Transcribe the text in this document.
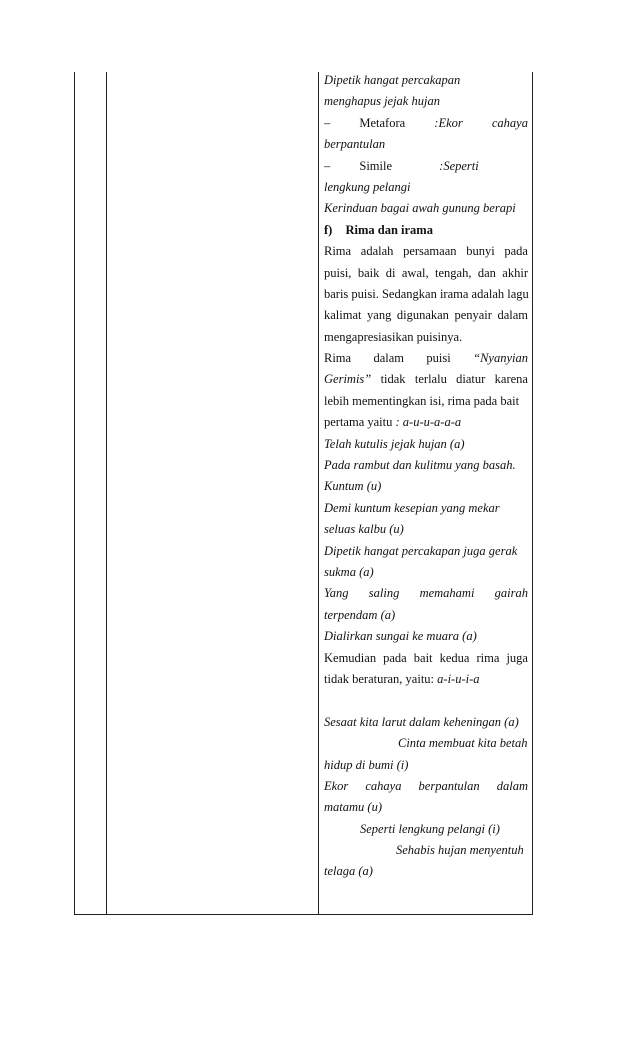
Dipetik hangat percakapan
menghapus jejak hujan
– Metafora :Ekor cahaya
berpantulan
– Simile	:Seperti
lengkung pelangi
Kerinduan bagai awah gunung berapi
f) Rima dan irama
Rima adalah persamaan bunyi pada
puisi, baik di awal, tengah, dan akhir
baris puisi. Sedangkan irama adalah lagu
kalimat yang digunakan penyair dalam
mengapresiasikan puisinya.
Rima dalam puisi “Nyanyian
Gerimis” tidak terlalu diatur karena
lebih mementingkan isi, rima pada bait
pertama yaitu : a-u-u-a-a-a
Telah kutulis jejak hujan (a)
Pada rambut dan kulitmu yang basah.
Kuntum (u)
Demi kuntum kesepian yang mekar
seluas kalbu (u)
Dipetik hangat percakapan juga gerak
sukma (a)
Yang saling memahami gairah
terpendam (a)
Dialirkan sungai ke muara (a)
Kemudian pada bait kedua rima juga
tidak beraturan, yaitu: a-i-u-i-a
Sesaat kita larut dalam keheningan (a)
Cinta membuat kita betah
hidup di bumi (i)
Ekor cahaya berpantulan dalam
matamu (u)
Seperti lengkung pelangi (i)
Sehabis hujan menyentuh
telaga (a)
